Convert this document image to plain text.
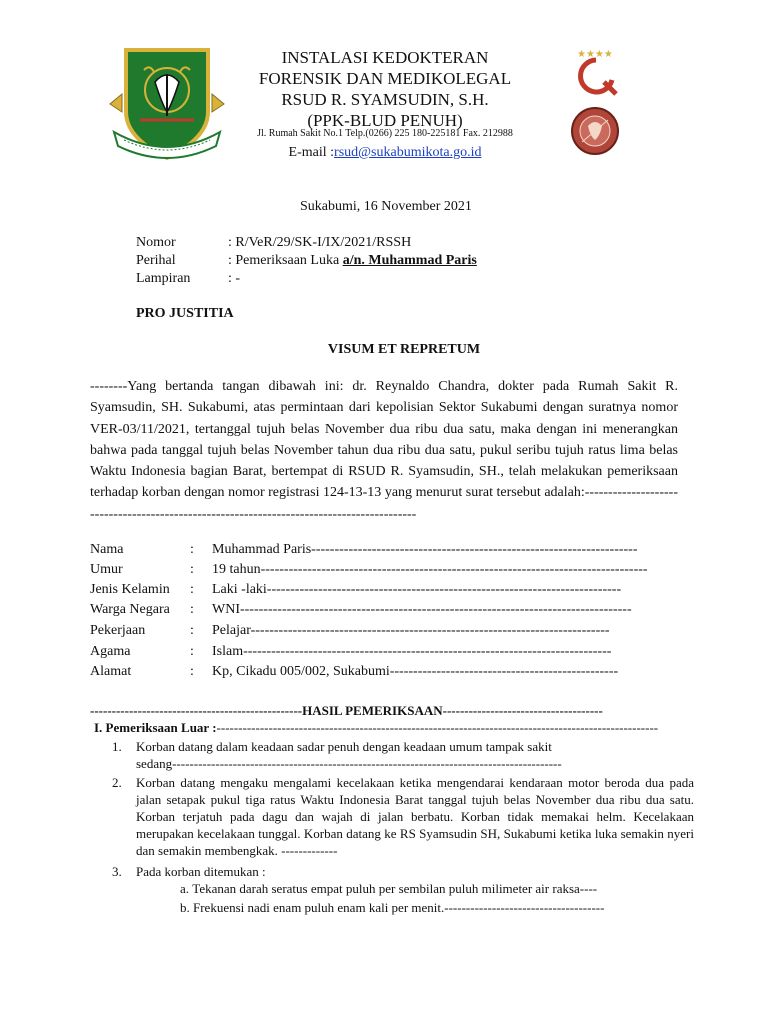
INSTALASI KEDOKTERAN
FORENSIK DAN MEDIKOLEGAL
RSUD R. SYAMSUDIN, S.H.
(PPK-BLUD PENUH)
Jl. Rumah Sakit No.1 Telp.(0266) 225 180-225181 Fax. 212988
E-mail :rsud@sukabumikota.go.id
★★★★
Sukabumi, 16 November 2021
Nomor	: R/VeR/29/SK-I/IX/2021/RSSH
Perihal	: Pemeriksaan Luka a/n. Muhammad Paris
Lampiran	: -
PRO JUSTITIA
VISUM ET REPRETUM
--------Yang bertanda tangan dibawah ini: dr. Reynaldo Chandra, dokter pada Rumah Sakit R. Syamsudin, SH. Sukabumi, atas permintaan dari kepolisian Sektor Sukabumi dengan suratnya nomor VER-03/11/2021, tertanggal tujuh belas November dua ribu dua satu, maka dengan ini menerangkan bahwa pada tanggal tujuh belas November tahun dua ribu dua satu, pukul seribu tujuh ratus lima belas Waktu Indonesia bagian Barat, bertempat di RSUD R. Syamsudin, SH., telah melakukan pemeriksaan terhadap korban dengan nomor registrasi 124-13-13 yang menurut surat tersebut adalah:------------------------------------------------------------------------------------------
Nama	: Muhammad Paris----------------------------------------------------------------------
Umur	: 19 tahun-----------------------------------------------------------------------------------
Jenis Kelamin : Laki -laki----------------------------------------------------------------------------
Warga Negara : WNI------------------------------------------------------------------------------------
Pekerjaan	: Pelajar-----------------------------------------------------------------------------
Agama	: Islam-------------------------------------------------------------------------------
Alamat	: Kp, Cikadu 005/002, Sukabumi-------------------------------------------------
-------------------------------------------------HASIL PEMERIKSAAN-------------------------------------
I. Pemeriksaan Luar :------------------------------------------------------------------------------------------------------
1. Korban datang dalam keadaan sadar penuh dengan keadaan umum tampak sakit

sedang------------------------------------------------------------------------------------------
2. Korban datang mengaku mengalami kecelakaan ketika mengendarai kendaraan motor beroda dua pada jalan setapak pukul tiga ratus Waktu Indonesia Barat tanggal tujuh belas November dua ribu dua satu. Korban terjatuh pada dagu dan wajah di jalan berbatu. Korban tidak memakai helm. Kecelakaan merupakan kecelakaan tunggal. Korban datang ke RS Syamsudin SH, Sukabumi ketika luka semakin nyeri dan semakin membengkak. -------------
3. Pada korban ditemukan :
a. Tekanan darah seratus empat puluh per sembilan puluh milimeter air raksa----
b. Frekuensi nadi enam puluh enam kali per menit.-------------------------------------
